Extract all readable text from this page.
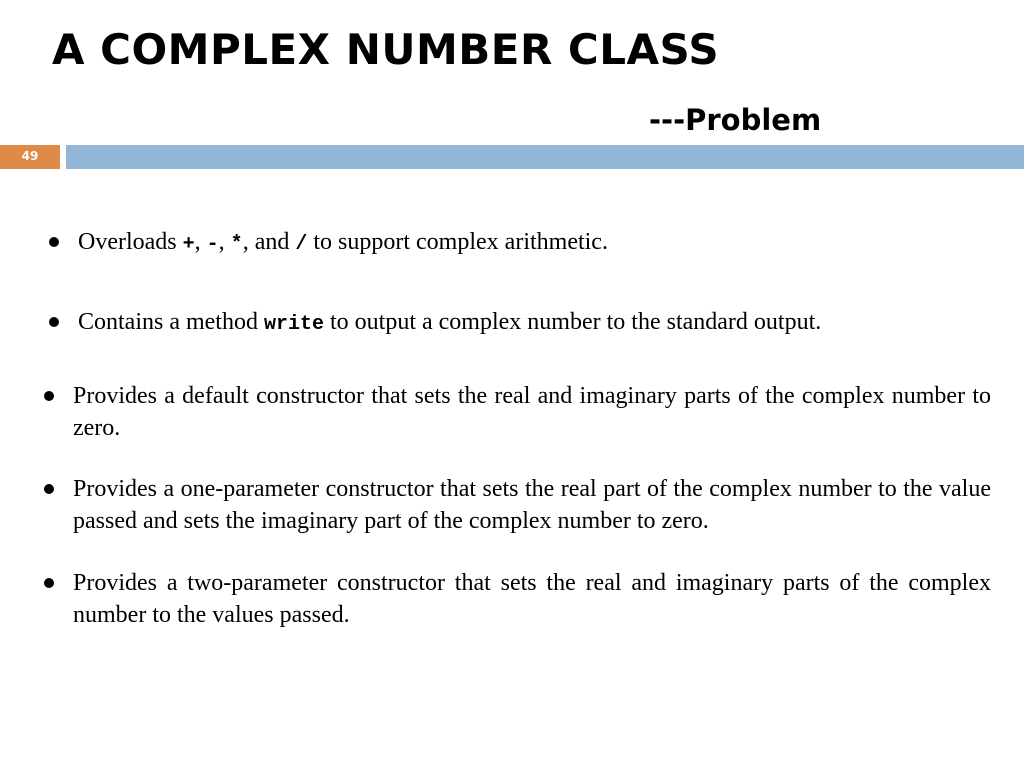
A COMPLEX NUMBER CLASS
---Problem
49
Overloads +, -, *, and / to support complex arithmetic.
Contains a method write to output a complex number to the standard output.
Provides a default constructor that sets the real and imaginary parts of the complex number to zero.
Provides a one-parameter constructor that sets the real part of the complex number to the value passed and sets the imaginary part of the complex number to zero.
Provides a two-parameter constructor that sets the real and imaginary parts of the complex number to the values passed.
